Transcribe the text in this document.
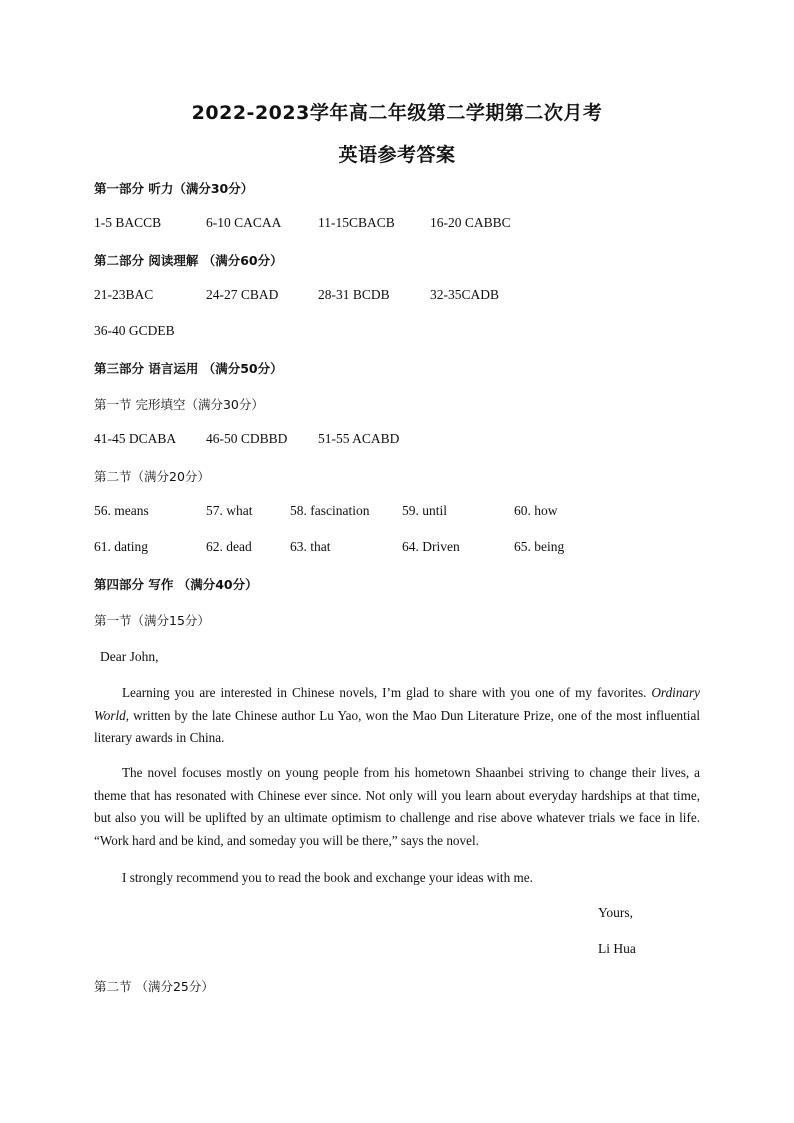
2022-2023学年高二年级第二学期第二次月考
英语参考答案
第一部分 听力（满分30分）
1-5 BACCB	6-10 CACAA	11-15CBACB	16-20 CABBC
第二部分 阅读理解 （满分60分）
21-23BAC	24-27 CBAD	28-31 BCDB	32-35CADB
36-40 GCDEB
第三部分 语言运用 （满分50分）
第一节 完形填空（满分30分）
41-45 DCABA 46-50 CDBBD 51-55 ACABD
第二节（满分20分）
56. means	57. what	58. fascination 59. until	60. how
61. dating	62. dead	63. that	64. Driven	65. being
第四部分 写作 （满分40分）
第一节（满分15分）
Dear John,
Learning you are interested in Chinese novels, I’m glad to share with you one of my favorites. Ordinary World, written by the late Chinese author Lu Yao, won the Mao Dun Literature Prize, one of the most influential literary awards in China.
The novel focuses mostly on young people from his hometown Shaanbei striving to change their lives, a theme that has resonated with Chinese ever since. Not only will you learn about everyday hardships at that time, but also you will be uplifted by an ultimate optimism to challenge and rise above whatever trials we face in life. “Work hard and be kind, and someday you will be there,” says the novel.
I strongly recommend you to read the book and exchange your ideas with me.
Yours,
Li Hua
第二节 （满分25分）
